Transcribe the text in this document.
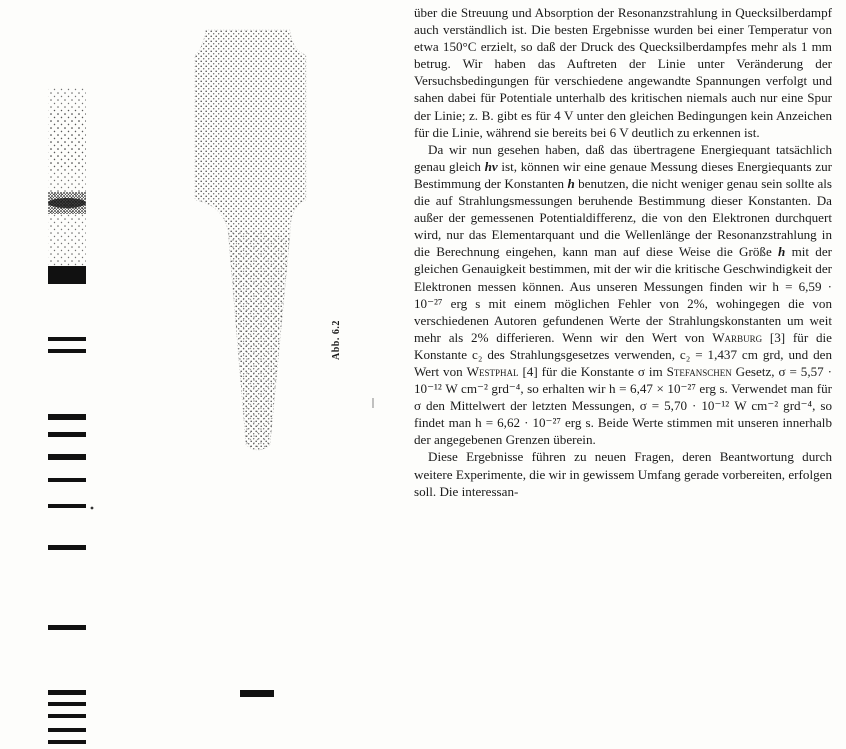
Abb. 6.2

über die Streuung und Absorption der Resonanzstrahlung in Quecksilberdampf auch verständlich ist. Die besten Ergebnisse wurden bei einer Temperatur von etwa 150°C erzielt, so daß der Druck des Quecksilberdampfes mehr als 1 mm betrug. Wir haben das Auftreten der Linie unter Veränderung der Versuchsbedingungen für verschiedene angewandte Spannungen verfolgt und sahen dabei für Potentiale unterhalb des kritischen niemals auch nur eine Spur der Linie; z. B. gibt es für 4 V unter den gleichen Bedingungen kein Anzeichen für die Linie, während sie bereits bei 6 V deutlich zu erkennen ist.

Da wir nun gesehen haben, daß das übertragene Energiequant tatsächlich genau gleich hν ist, können wir eine genaue Messung dieses Energiequants zur Bestimmung der Konstanten h benutzen, die nicht weniger genau sein sollte als die auf Strahlungsmessungen beruhende Bestimmung dieser Konstanten. Da außer der gemessenen Potentialdifferenz, die von den Elektronen durchquert wird, nur das Elementarquant und die Wellenlänge der Resonanzstrahlung in die Berechnung eingehen, kann man auf diese Weise die Größe h mit der gleichen Genauigkeit bestimmen, mit der wir die kritische Geschwindigkeit der Elektronen messen können. Aus unseren Messungen finden wir h = 6,59 · 10⁻²⁷ erg s mit einem möglichen Fehler von 2%, wohingegen die von verschiedenen Autoren gefundenen Werte der Strahlungskonstanten um weit mehr als 2% differieren. Wenn wir den Wert von Warburg [3] für die Konstante c₂ des Strahlungsgesetzes verwenden, c₂ = 1,437 cm grd, und den Wert von Westphal [4] für die Konstante σ im Stefanschen Gesetz, σ = 5,57 · 10⁻¹² W cm⁻² grd⁻⁴, so erhalten wir h = 6,47 × 10⁻²⁷ erg s. Verwendet man für σ den Mittelwert der letzten Messungen, σ = 5,70 · 10⁻¹² W cm⁻² grd⁻⁴, so findet man h = 6,62 · 10⁻²⁷ erg s. Beide Werte stimmen mit unseren innerhalb der angegebenen Grenzen überein.

Diese Ergebnisse führen zu neuen Fragen, deren Beantwortung durch weitere Experimente, die wir in gewissem Umfang gerade vorbereiten, erfolgen soll. Die interessan-
